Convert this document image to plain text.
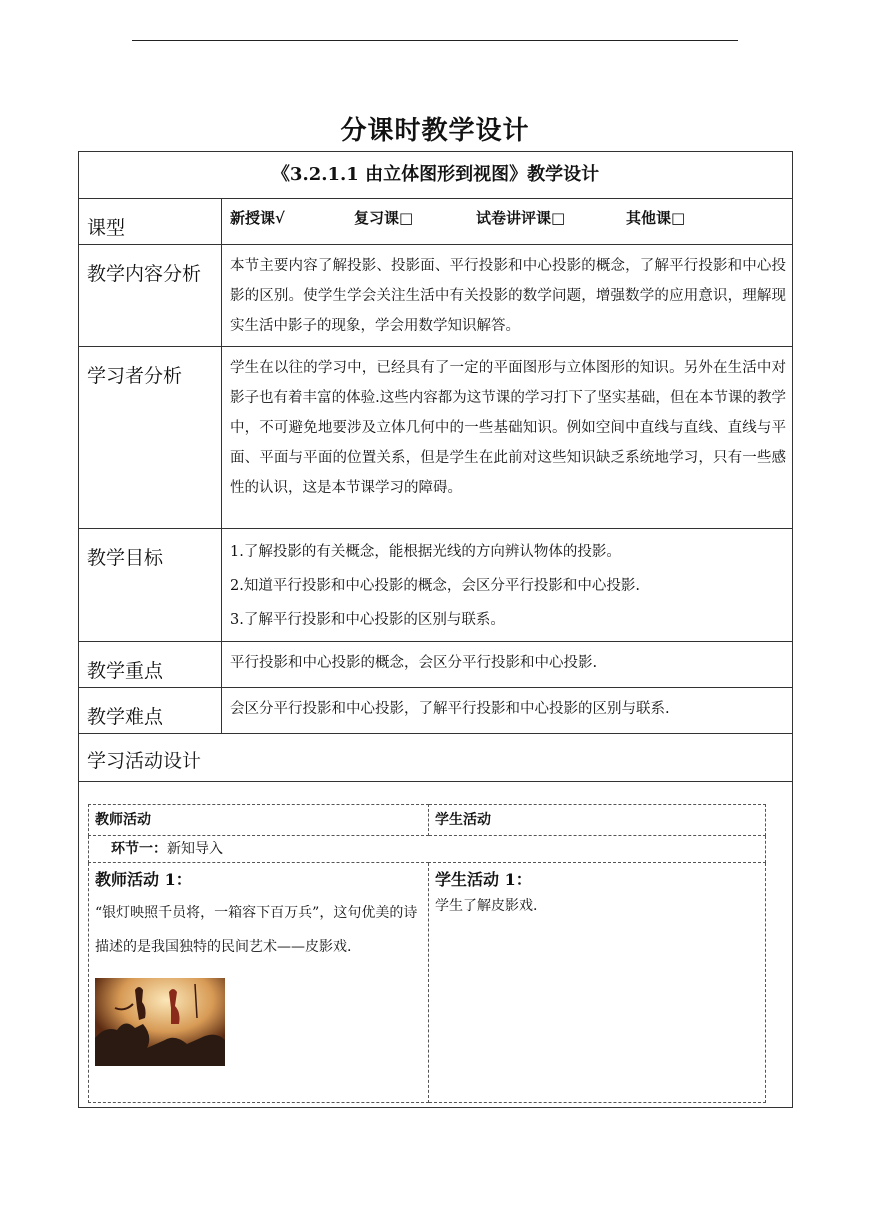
分课时教学设计
《3.2.1.1 由立体图形到视图》教学设计
课型	新授课√	复习课□	试卷讲评课□	其他课□
教学内容分析	本节主要内容了解投影、投影面、平行投影和中心投影的概念，了解平行投影和中心投影的区别。使学生学会关注生活中有关投影的数学问题，增强数学的应用意识，理解现实生活中影子的现象，学会用数学知识解答。
学习者分析	学生在以往的学习中，已经具有了一定的平面图形与立体图形的知识。另外在生活中对影子也有着丰富的体验.这些内容都为这节课的学习打下了坚实基础，但在本节课的教学中，不可避免地要涉及立体几何中的一些基础知识。例如空间中直线与直线、直线与平面、平面与平面的位置关系，但是学生在此前对这些知识缺乏系统地学习，只有一些感性的认识，这是本节课学习的障碍。
教学目标	1.了解投影的有关概念，能根据光线的方向辨认物体的投影。
2.知道平行投影和中心投影的概念，会区分平行投影和中心投影.
3.了解平行投影和中心投影的区别与联系。

教学重点	平行投影和中心投影的概念，会区分平行投影和中心投影.
教学难点	会区分平行投影和中心投影，了解平行投影和中心投影的区别与联系.
学习活动设计

教师活动	学生活动
环节一：新知导入

教师活动 1：
“银灯映照千员将，一箱容下百万兵”，这句优美的诗描述的是我国独特的民间艺术——皮影戏.

学生活动 1：
学生了解皮影戏.
